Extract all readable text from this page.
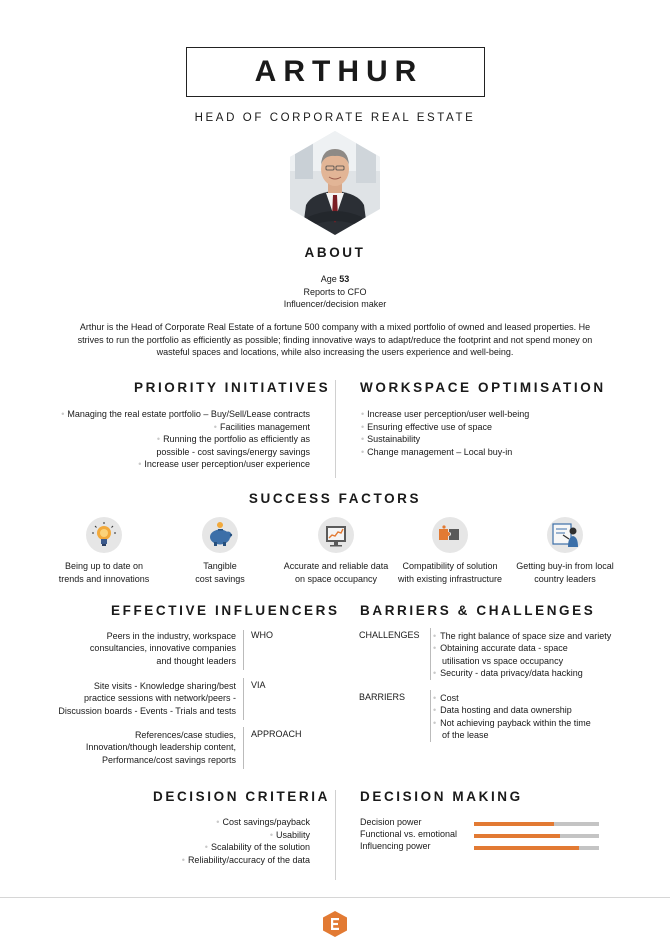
ARTHUR
HEAD OF CORPORATE REAL ESTATE
ABOUT
Age 53
Reports to CFO
Influencer/decision maker
Arthur is the Head of Corporate Real Estate of a fortune 500 company with a mixed portfolio of owned and leased properties. He strives to run the portfolio as efficiently as possible; finding innovative ways to adapt/reduce the footprint and not spend money on wasteful spaces and locations, while also increasing the users experience and well-being.
PRIORITY INITIATIVES WORKSPACE OPTIMISATION
• Managing the real estate portfolio – Buy/Sell/Lease contracts
• Facilities management
• Running the portfolio as efficiently as
possible - cost savings/energy savings
• Increase user perception/user experience
• Increase user perception/user well-being
• Ensuring effective use of space
• Sustainability
• Change management – Local buy-in
SUCCESS FACTORS
Being up to date on
trends and innovations
Tangible
cost savings
Accurate and reliable data
on space occupancy
Compatibility of solution
with existing infrastructure
Getting buy-in from local
country leaders
EFFECTIVE INFLUENCERS BARRIERS & CHALLENGES
Peers in the industry, workspace
consultancies, innovative companies
and thought leaders
WHO
Site visits - Knowledge sharing/best
practice sessions with network/peers -
Discussion boards - Events - Trials and tests
VIA
References/case studies,
Innovation/though leadership content,
Performance/cost savings reports
APPROACH
CHALLENGES • The right balance of space size and variety
• Obtaining accurate data - space
utilisation vs space occupancy
• Security - data privacy/data hacking
BARRIERS	• Cost
• Data hosting and data ownership
• Not achieving payback within the time
of the lease
DECISION CRITERIA DECISION MAKING
• Cost savings/payback
• Usability
• Scalability of the solution
• Reliability/accuracy of the data
Decision power
Functional vs. emotional
Influencing power
